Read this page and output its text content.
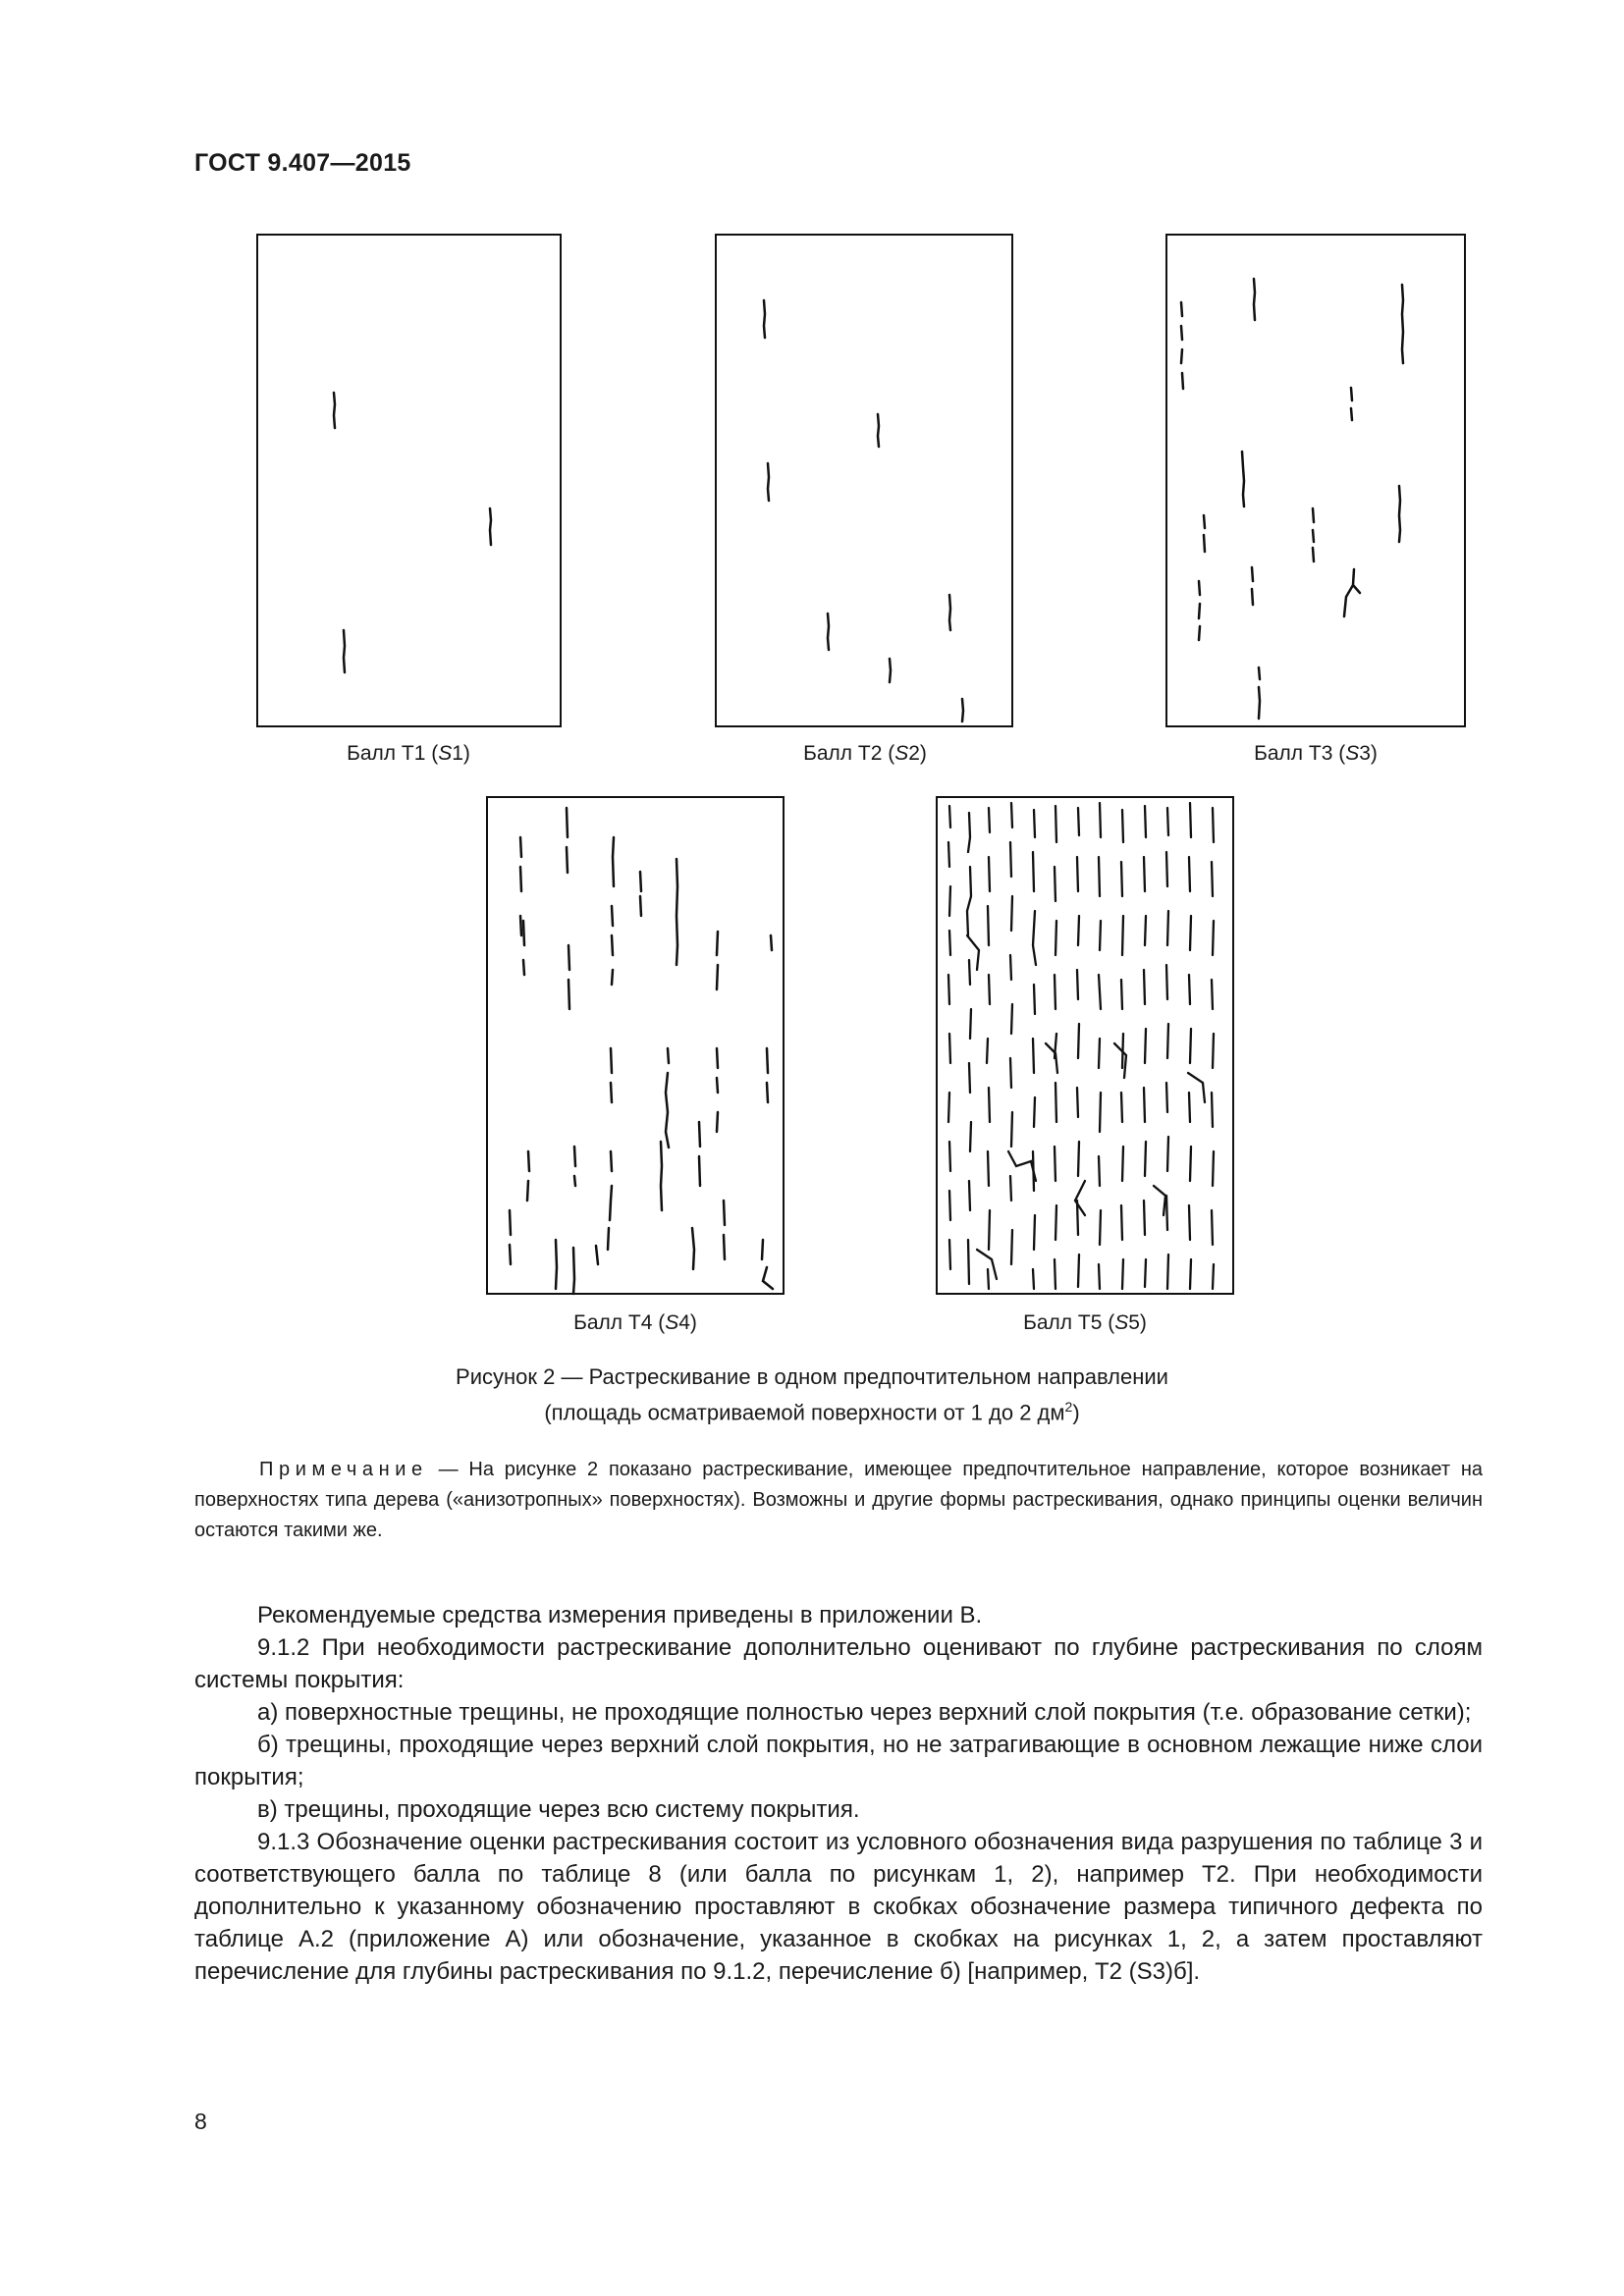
ГОСТ 9.407—2015
Балл Т1 (S1)	Балл Т2 (S2)	Балл Т3 (S3)
Балл Т4 (S4)	Балл Т5 (S5)
Рисунок 2 — Растрескивание в одном предпочтительном направлении
(площадь осматриваемой поверхности от 1 до 2 $дм^2$)
Примечание — На рисунке 2 показано растрескивание, имеющее предпочтительное направление, которое возникает на поверхностях типа дерева («анизотропных» поверхностях). Возможны и другие формы растрескивания, однако принципы оценки величин остаются такими же.

Рекомендуемые средства измерения приведены в приложении В.

9.1.2 При необходимости растрескивание дополнительно оценивают по глубине растрескивания по слоям системы покрытия:

а) поверхностные трещины, не проходящие полностью через верхний слой покрытия (т.е. образование сетки);

б) трещины, проходящие через верхний слой покрытия, но не затрагивающие в основном лежащие ниже слои покрытия;

в) трещины, проходящие через всю систему покрытия.

9.1.3 Обозначение оценки растрескивания состоит из условного обозначения вида разрушения по таблице 3 и соответствующего балла по таблице 8 (или балла по рисункам 1, 2), например Т2. При необходимости дополнительно к указанному обозначению проставляют в скобках обозначение размера типичного дефекта по таблице А.2 (приложение А) или обозначение, указанное в скобках на рисунках 1, 2, а затем проставляют перечисление для глубины растрескивания по 9.1.2, перечисление б) [например, Т2 (S3)б].

8
